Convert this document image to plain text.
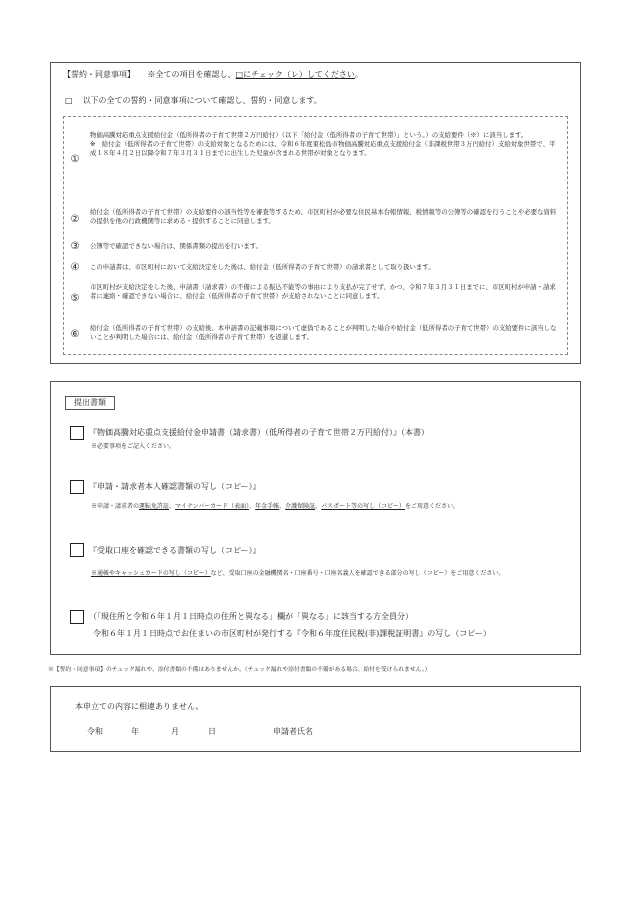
【誓約・同意事項】 ※全ての項目を確認し、□にチェック（レ）してください。
□ 以下の全ての誓約・同意事項について確認し、誓約・同意します。
①
物価高騰対応重点支援給付金（低所得者の子育て世帯２万円給付）（以下「給付金（低所得者の子育て世帯）」という。）の支給要件（※）に該当します。
※　給付金（低所得者の子育て世帯）の支給対象となるためには、令和６年度東松島市物価高騰対応重点支援給付金（非課税世帯３万円給付）支給対象世帯で、平成１８年４月２日以降令和７年３月３１日までに出生した児童が含まれる世帯が対象となります。
②
給付金（低所得者の子育て世帯）の支給要件の該当性等を審査等するため、市区町村が必要な住民基本台帳情報、税情報等の公簿等の確認を行うことや必要な資料の提供を他の行政機関等に求める・提供することに同意します。
③ 公簿等で確認できない場合は、関係書類の提出を行います。
④ この申請書は、市区町村において支給決定をした後は、給付金（低所得者の子育て世帯）の請求書として取り扱います。
⑤
市区町村が支給決定をした後、申請書（請求書）の不備による振込不能等の事由により支払が完了せず、かつ、令和７年３月３１日までに、市区町村が申請・請求者に連絡・確認できない場合に、給付金（低所得者の子育て世帯）が支給されないことに同意します。
⑥
給付金（低所得者の子育て世帯）の支給後、本申請書の記載事項について虚偽であることが判明した場合や給付金（低所得者の子育て世帯）の支給要件に該当しないことが判明した場合には、給付金（低所得者の子育て世帯）を返還します。
提出書類
『物価高騰対応重点支援給付金申請書（請求書）（低所得者の子育て世帯２万円給付）』（本書）
※必要事項をご記入ください。
『申請・請求者本人確認書類の写し（コピー）』
※申請・請求者の運転免許証、マイナンバーカード（表面）、年金手帳、介護保険証、パスポート等の写し（コピー）をご用意ください。
『受取口座を確認できる書類の写し（コピー）』
※通帳やキャッシュカードの写し（コピー）など、受取口座の金融機関名・口座番号・口座名義人を確認できる部分の写し（コピー）をご用意ください。
（「現住所と令和６年１月１日時点の住所と異なる」欄が「異なる」に該当する方全員分）
令和６年１月１日時点でお住まいの市区町村が発行する『令和６年度住民税(非)課税証明書』の写し（コピー）
※【誓約・同意事項】のチェック漏れや、添付書類の不備はありませんか。（チェック漏れや添付書類の不備がある場合、給付を受けられません。）
本申立ての内容に相違ありません。
令和	年	月	日	申請者氏名
